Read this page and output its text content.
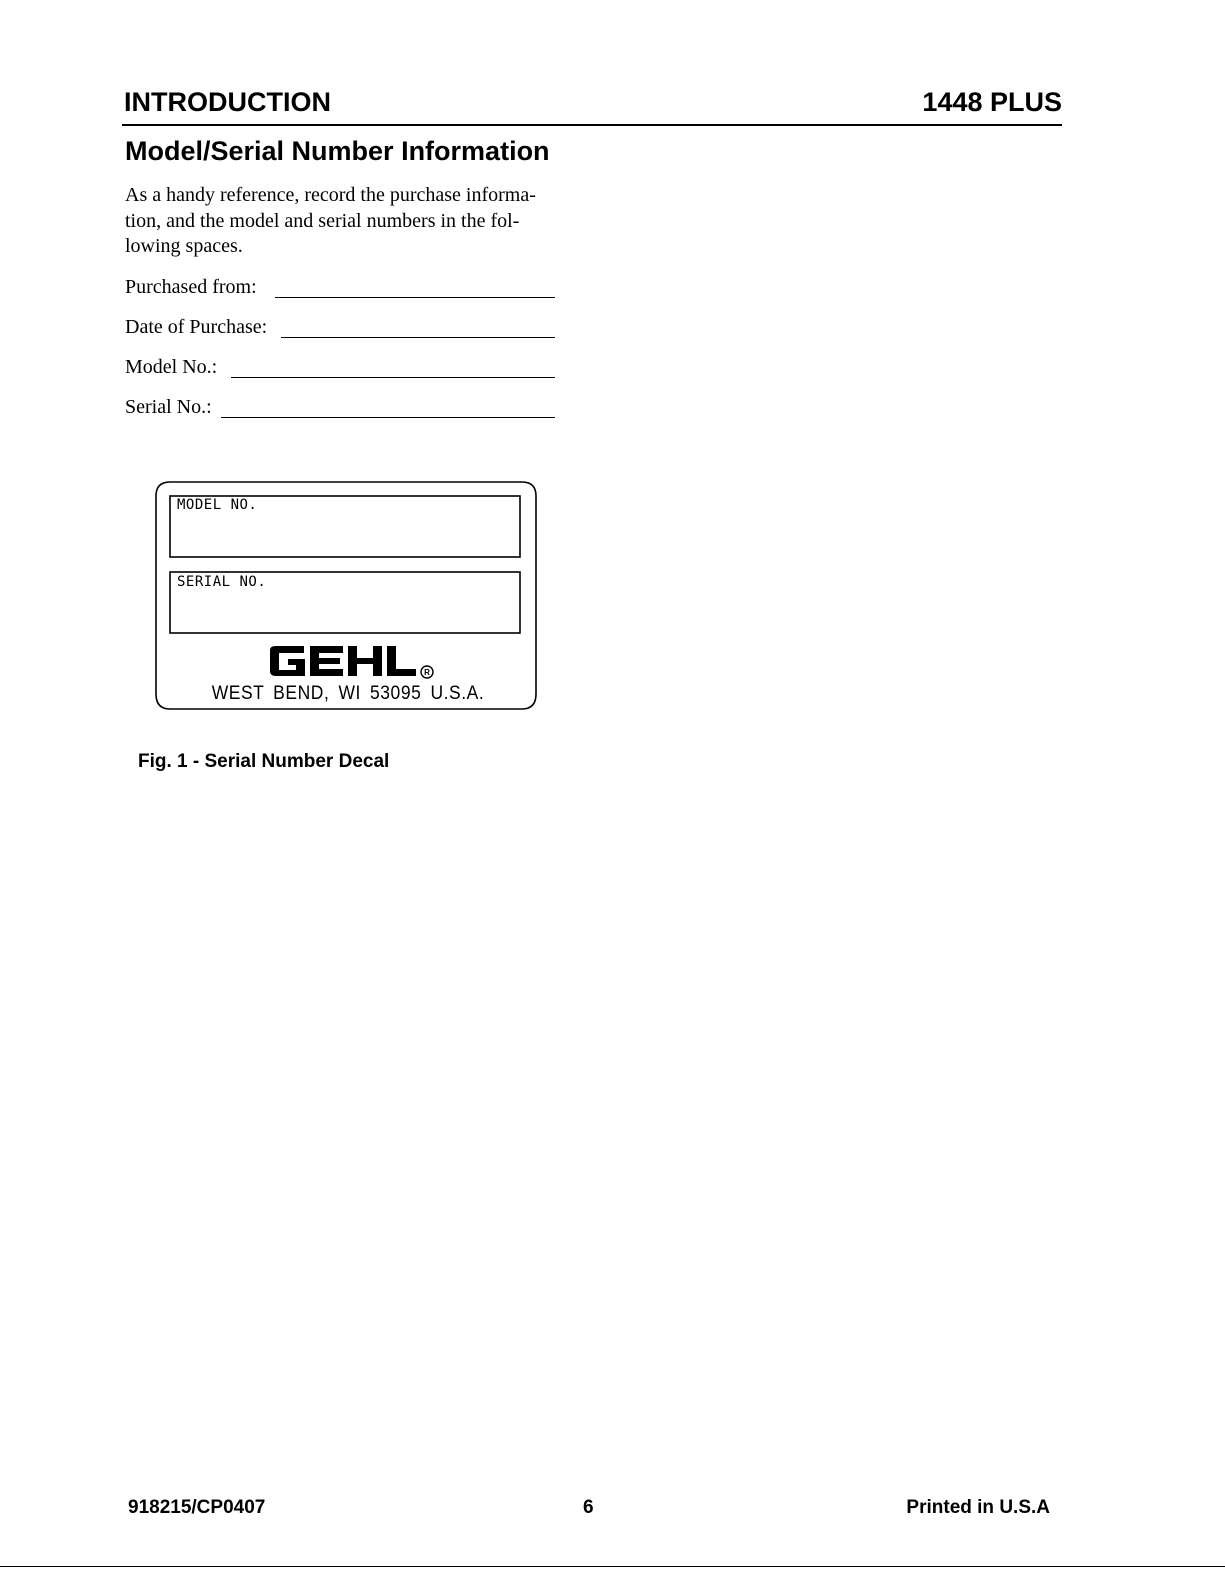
INTRODUCTION	1448 PLUS
Model/Serial Number Information
As a handy reference, record the purchase informa-
tion, and the model and serial numbers in the fol-
lowing spaces.
Purchased from:
Date of Purchase:
Model No.:
Serial No.:
MODEL NO.
SERIAL NO.
R
WEST BEND, WI 53095 U.S.A.
Fig. 1 - Serial Number Decal
918215/CP0407	6	Printed in U.S.A
